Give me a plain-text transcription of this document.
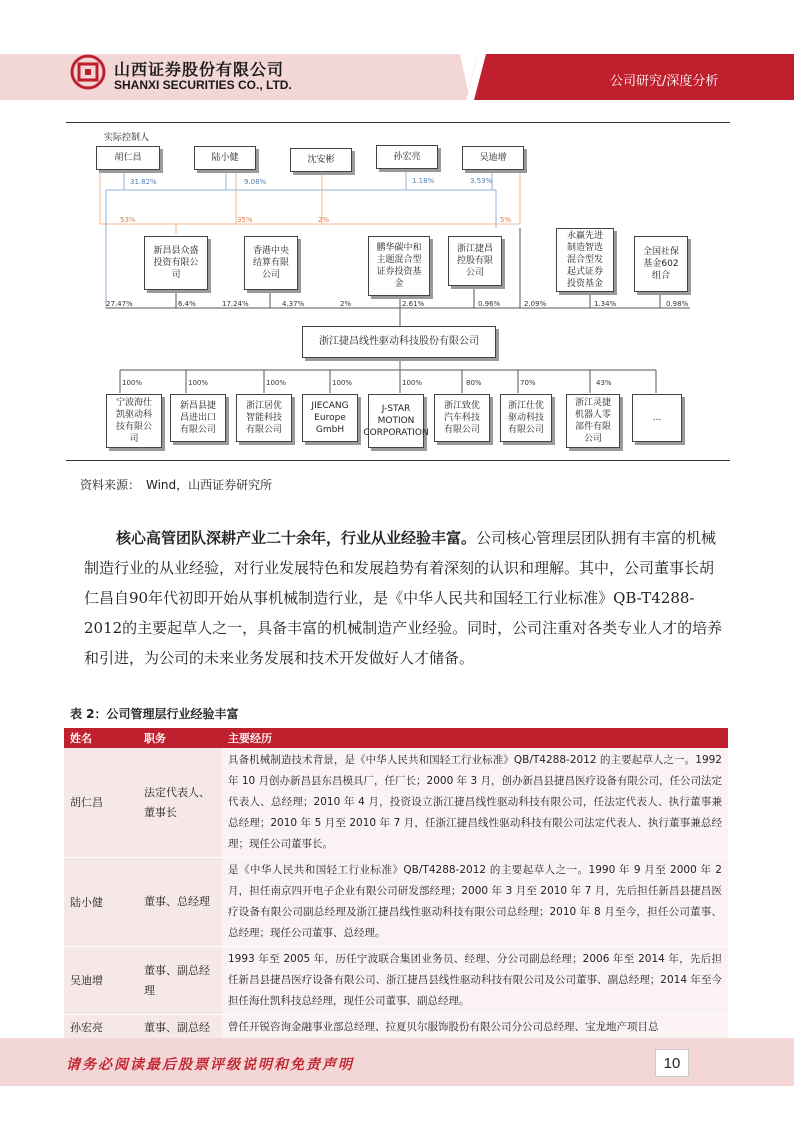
山西证券股份有限公司
SHANXI SECURITIES CO., LTD.	公司研究/深度分析
实际控制人
胡仁昌	陆小健	沈安彬	孙宏亮	吴迪增
31.82%	9.08%	1.18%	3.53%
53%	35%	2%	5%
新昌县众盛投资有限公司
香港中央结算有限公司
鹏华碳中和主题混合型证券投资基金
浙江捷昌控股有限公司
永赢先进制造智选混合型发起式证券投资基金
全国社保基金602组合
27.47%	6.4%	17.24%	4.37%	2%	2.61%	0.96%	2.09%	1.34%	0.98%
浙江捷昌线性驱动科技股份有限公司
100%	100%	100%	100%	100%	80%	70%	43%
宁波海仕凯驱动科技有限公司
新昌县捷昌进出口有限公司
浙江居优智能科技有限公司
JIECANG Europe GmbH
J-STAR MOTION CORPORATION
浙江致优汽车科技有限公司
浙江仕优驱动科技有限公司
浙江灵捷机器人零部件有限公司
...
资料来源：　Wind，山西证券研究所
核心高管团队深耕产业二十余年，行业从业经验丰富。公司核心管理层团队拥有丰富的机械制造行业的从业经验，对行业发展特色和发展趋势有着深刻的认识和理解。其中，公司董事长胡仁昌自90年代初即开始从事机械制造行业，是《中华人民共和国轻工行业标准》QB-T4288-2012的主要起草人之一，具备丰富的机械制造产业经验。同时，公司注重对各类专业人才的培养和引进，为公司的未来业务发展和技术开发做好人才储备。
表 2：公司管理层行业经验丰富
姓名	职务	主要经历
胡仁昌	法定代表人、董事长	具备机械制造技术背景，是《中华人民共和国轻工行业标准》QB/T4288-2012 的主要起草人之一。1992 年 10 月创办新昌县东昌模具厂，任厂长；2000 年 3 月，创办新昌县捷昌医疗设备有限公司，任公司法定代表人、总经理；2010 年 4 月，投资设立浙江捷昌线性驱动科技有限公司，任法定代表人、执行董事兼总经理；2010 年 5 月至 2010 年 7 月，任浙江捷昌线性驱动科技有限公司法定代表人、执行董事兼总经理；现任公司董事长。
陆小健	董事、总经理	是《中华人民共和国轻工行业标准》QB/T4288-2012 的主要起草人之一。1990 年 9 月至 2000 年 2 月，担任南京四开电子企业有限公司研发部经理；2000 年 3 月至 2010 年 7 月，先后担任新昌县捷昌医疗设备有限公司副总经理及浙江捷昌线性驱动科技有限公司总经理；2010 年 8 月至今，担任公司董事、总经理；现任公司董事、总经理。
吴迪增	董事、副总经理	1993 年至 2005 年，历任宁波联合集团业务员、经理、分公司副总经理；2006 年至 2014 年，先后担任新昌县捷昌医疗设备有限公司、浙江捷昌县线性驱动科技有限公司及公司董事、副总经理；2014 年至今担任海仕凯科技总经理，现任公司董事、副总经理。
孙宏亮	董事、副总经	曾任开锐咨询金融事业部总经理、拉夏贝尔服饰股份有限公司分公司总经理、宝龙地产项目总
请务必阅读最后股票评级说明和免责声明	10
